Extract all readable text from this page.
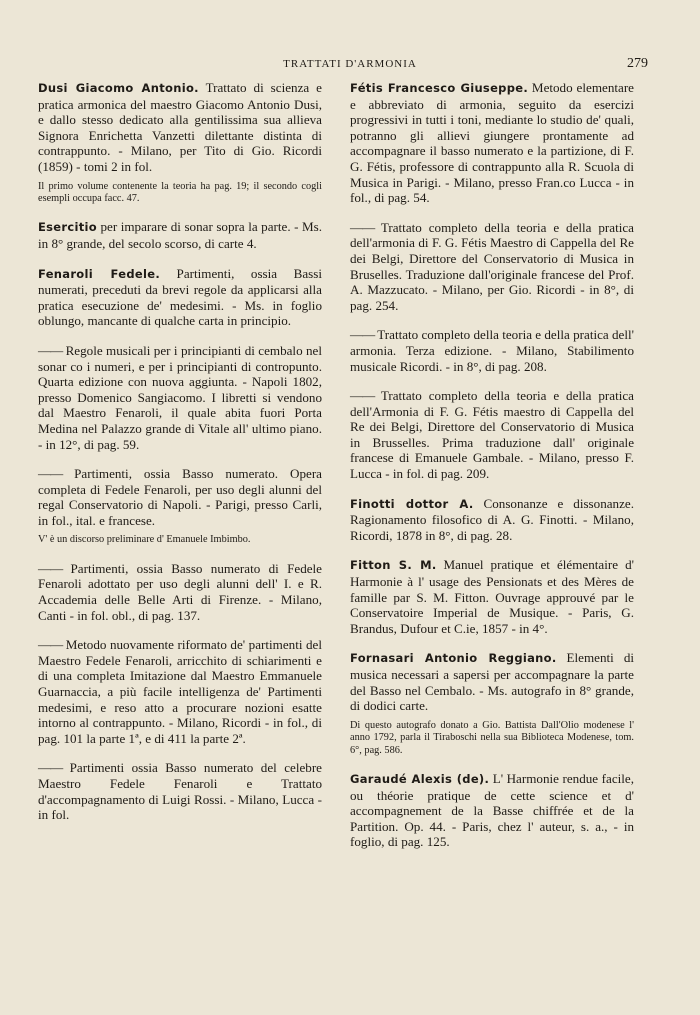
TRATTATI D'ARMONIA	279

Dusi Giacomo Antonio. Trattato di scienza e pratica armonica del maestro Giacomo Antonio Dusi, e dallo stesso dedicato alla gentilissima sua allieva Signora Enrichetta Vanzetti dilettante distinta di contrappunto. - Milano, per Tito di Gio. Ricordi (1859) - tomi 2 in fol.

Il primo volume contenente la teoria ha pag. 19; il secondo cogli esempli occupa facc. 47.

Esercitio per imparare di sonar sopra la parte. - Ms. in 8° grande, del secolo scorso, di carte 4.

Fenaroli Fedele. Partimenti, ossia Bassi numerati, preceduti da brevi regole da applicarsi alla pratica esecuzione de' medesimi. - Ms. in foglio oblungo, mancante di qualche carta in principio.

—— Regole musicali per i principianti di cembalo nel sonar co i numeri, e per i principianti di contropunto. Quarta edizione con nuova aggiunta. - Napoli 1802, presso Domenico Sangiacomo. I libretti si vendono dal Maestro Fenaroli, il quale abita fuori Porta Medina nel Palazzo grande di Vitale all' ultimo piano. - in 12°, di pag. 59.

—— Partimenti, ossia Basso numerato. Opera completa di Fedele Fenaroli, per uso degli alunni del regal Conservatorio di Napoli. - Parigi, presso Carli, in fol., ital. e francese.

V' è un discorso preliminare d' Emanuele Imbimbo.

—— Partimenti, ossia Basso numerato di Fedele Fenaroli adottato per uso degli alunni dell' I. e R. Accademia delle Belle Arti di Firenze. - Milano, Canti - in fol. obl., di pag. 137.

—— Metodo nuovamente riformato de' partimenti del Maestro Fedele Fenaroli, arricchito di schiarimenti e di una completa Imitazione dal Maestro Emmanuele Guarnaccia, a più facile intelligenza de' Partimenti medesimi, e reso atto a procurare nozioni esatte intorno al contrappunto. - Milano, Ricordi - in fol., di pag. 101 la parte 1ª, e di 411 la parte 2ª.

—— Partimenti ossia Basso numerato del celebre Maestro Fedele Fenaroli e Trattato d'accompagnamento di Luigi Rossi. - Milano, Lucca - in fol.

Fétis Francesco Giuseppe. Metodo elementare e abbreviato di armonia, seguito da esercizi progressivi in tutti i toni, mediante lo studio de' quali, potranno gli allievi giungere prontamente ad accompagnare il basso numerato e la partizione, di F. G. Fétis, professore di contrappunto alla R. Scuola di Musica in Parigi. - Milano, presso Fran.co Lucca - in fol., di pag. 54.

—— Trattato completo della teoria e della pratica dell'armonia di F. G. Fétis Maestro di Cappella del Re dei Belgi, Direttore del Conservatorio di Musica in Bruselles. Traduzione dall'originale francese del Prof. A. Mazzucato. - Milano, per Gio. Ricordi - in 8°, di pag. 254.

—— Trattato completo della teoria e della pratica dell' armonia. Terza edizione. - Milano, Stabilimento musicale Ricordi. - in 8°, di pag. 208.

—— Trattato completo della teoria e della pratica dell'Armonia di F. G. Fétis maestro di Cappella del Re dei Belgi, Direttore del Conservatorio di Musica in Brusselles. Prima traduzione dall' originale francese di Emanuele Gambale. - Milano, presso F. Lucca - in fol. di pag. 209.

Finotti dottor A. Consonanze e dissonanze. Ragionamento filosofico di A. G. Finotti. - Milano, Ricordi, 1878 in 8°, di pag. 28.

Fitton S. M. Manuel pratique et élémentaire d' Harmonie à l' usage des Pensionats et des Mères de famille par S. M. Fitton. Ouvrage approuvé par le Conservatoire Imperial de Musique. - Paris, G. Brandus, Dufour et C.ie, 1857 - in 4°.

Fornasari Antonio Reggiano. Elementi di musica necessari a sapersi per accompagnare la parte del Basso nel Cembalo. - Ms. autografo in 8° grande, di dodici carte.

Di questo autografo donato a Gio. Battista Dall'Olio modenese l' anno 1792, parla il Tiraboschi nella sua Biblioteca Modenese, tom. 6°, pag. 586.

Garaudé Alexis (de). L' Harmonie rendue facile, ou théorie pratique de cette science et d' accompagnement de la Basse chiffrée et de la Partition. Op. 44. - Paris, chez l' auteur, s. a., - in foglio, di pag. 125.
